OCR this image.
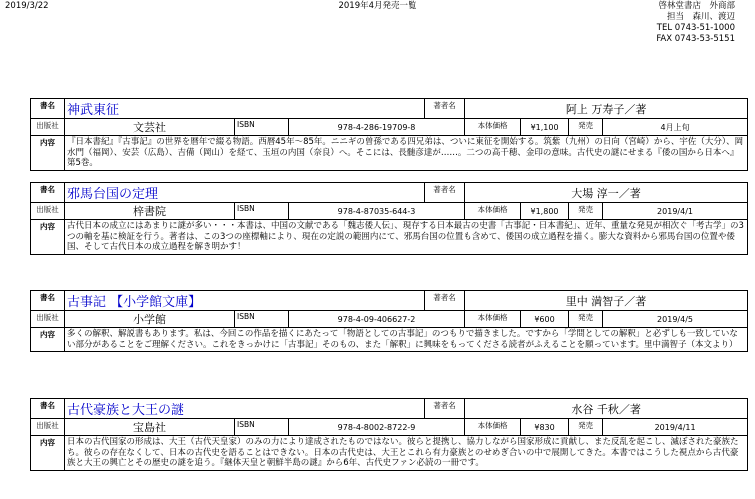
2019/3/22	2019年4月発売一覧	啓林堂書店　外商部
担当　森川、渡辺
TEL 0743-51-1000
FAX 0743-53-5151
書名	神武東征			著者名	阿上 万寿子／著			
出版社	文芸社	ISBN	978-4-286-19709-8		本体価格	¥1,100	発売	4月上旬
内容	『日本書紀』『古事記』の世界を暦年で綴る物語。西暦45年〜85年。ニニギの曽孫である四兄弟は、ついに東征を開始する。筑紫（九州）の日向（宮崎）から、宇佐（大分）、岡水門（福岡）、安芸（広島）、吉備（岡山）を経て、玉垣の内国（奈良）へ。そこには、長髄彦達が……。二つの高千穂、金印の意味。古代史の謎にせまる『倭の国から日本へ』第5巻。							
書名	邪馬台国の定理			著者名	大場 淳一／著			
出版社	梓書院	ISBN	978-4-87035-644-3		本体価格	¥1,800	発売	2019/4/1
内容	古代日本の成立にはあまりに謎が多い・・・本書は、中国の文献である「魏志倭人伝」、現存する日本最古の史書「古事記・日本書紀」、近年、重量な発見が相次ぐ「考古学」の3つの軸を基に検証を行う。著者は、この3つの座標軸により、現在の定説の範囲内にて、邪馬台国の位置も含めて、倭国の成立過程を描く。膨大な資料から邪馬台国の位置や倭国、そして古代日本の成立過程を解き明かす！							
書名	古事記 【小学館文庫】			著者名	里中 満智子／著			
出版社	小学館	ISBN	978-4-09-406627-2		本体価格	¥600	発売	2019/4/5
内容	多くの解釈、解説書もあります。私は、今回この作品を描くにあたって「物語としての古事記」のつもりで描きました。ですから「学問としての解釈」と必ずしも一致していない部分があることをご理解ください。これをきっかけに「古事記」そのもの、また「解釈」に興味をもってくださる読者がふえることを願っています。里中満智子（本文より）							
書名	古代豪族と大王の謎			著者名	水谷 千秋／著			
出版社	宝島社	ISBN	978-4-8002-8722-9		本体価格	¥830	発売	2019/4/11
内容	日本の古代国家の形成は、大王（古代天皇家）のみの力により達成されたものではない。彼らと提携し、協力しながら国家形成に貢献し、また反乱を起こし、滅ぼされた豪族たち。彼らの存在なくして、日本の古代史を語ることはできない。日本の古代史は、大王とこれら有力豪族とのせめぎ合いの中で展開してきた。本書ではこうした視点から古代豪族と大王の興亡とその歴史の謎を追う。『継体天皇と朝鮮半島の謎』から6年、古代史ファン必読の一冊です。							
